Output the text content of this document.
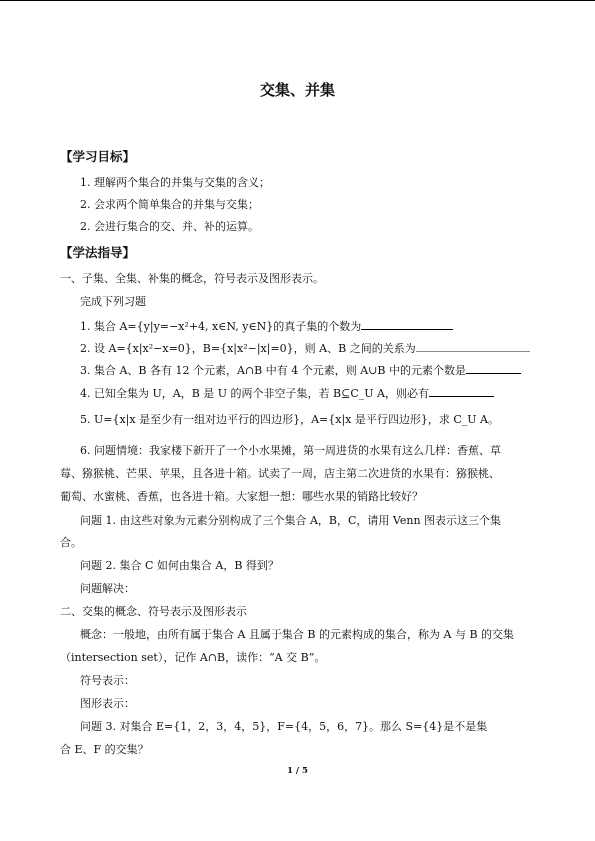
交集、并集
【学习目标】
1. 理解两个集合的并集与交集的含义；
2. 会求两个简单集合的并集与交集；
2. 会进行集合的交、并、补的运算。
【学法指导】
一、子集、全集、补集的概念，符号表示及图形表示。
完成下列习题
1. 集合 A={y|y=−x²+4, x∈N, y∈N}的真子集的个数为
2. 设 A={x|x²−x=0}，B={x|x²−|x|=0}，则 A、B 之间的关系为
3. 集合 A、B 各有 12 个元素，A∩B 中有 4 个元素，则 A∪B 中的元素个数是
4. 已知全集为 U，A，B 是 U 的两个非空子集，若 B⊆C_U A，则必有
5. U={x|x 是至少有一组对边平行的四边形}，A={x|x 是平行四边形}，求 C_U A。
6. 问题情境：我家楼下新开了一个小水果摊，第一周进货的水果有这么几样：香蕉、草
莓、猕猴桃、芒果、苹果，且各进十箱。试卖了一周，店主第二次进货的水果有：猕猴桃、
葡萄、水蜜桃、香蕉，也各进十箱。大家想一想：哪些水果的销路比较好？
问题 1. 由这些对象为元素分别构成了三个集合 A，B，C，请用 Venn 图表示这三个集
合。
问题 2. 集合 C 如何由集合 A，B 得到？
问题解决：
二、交集的概念、符号表示及图形表示
概念：一般地，由所有属于集合 A 且属于集合 B 的元素构成的集合，称为 A 与 B 的交集
（intersection set），记作 A∩B，读作：“A 交 B”。
符号表示：
图形表示：
问题 3. 对集合 E={1，2，3，4，5}，F={4，5，6，7}。那么 S={4}是不是集
合 E、F 的交集？
1 / 5
